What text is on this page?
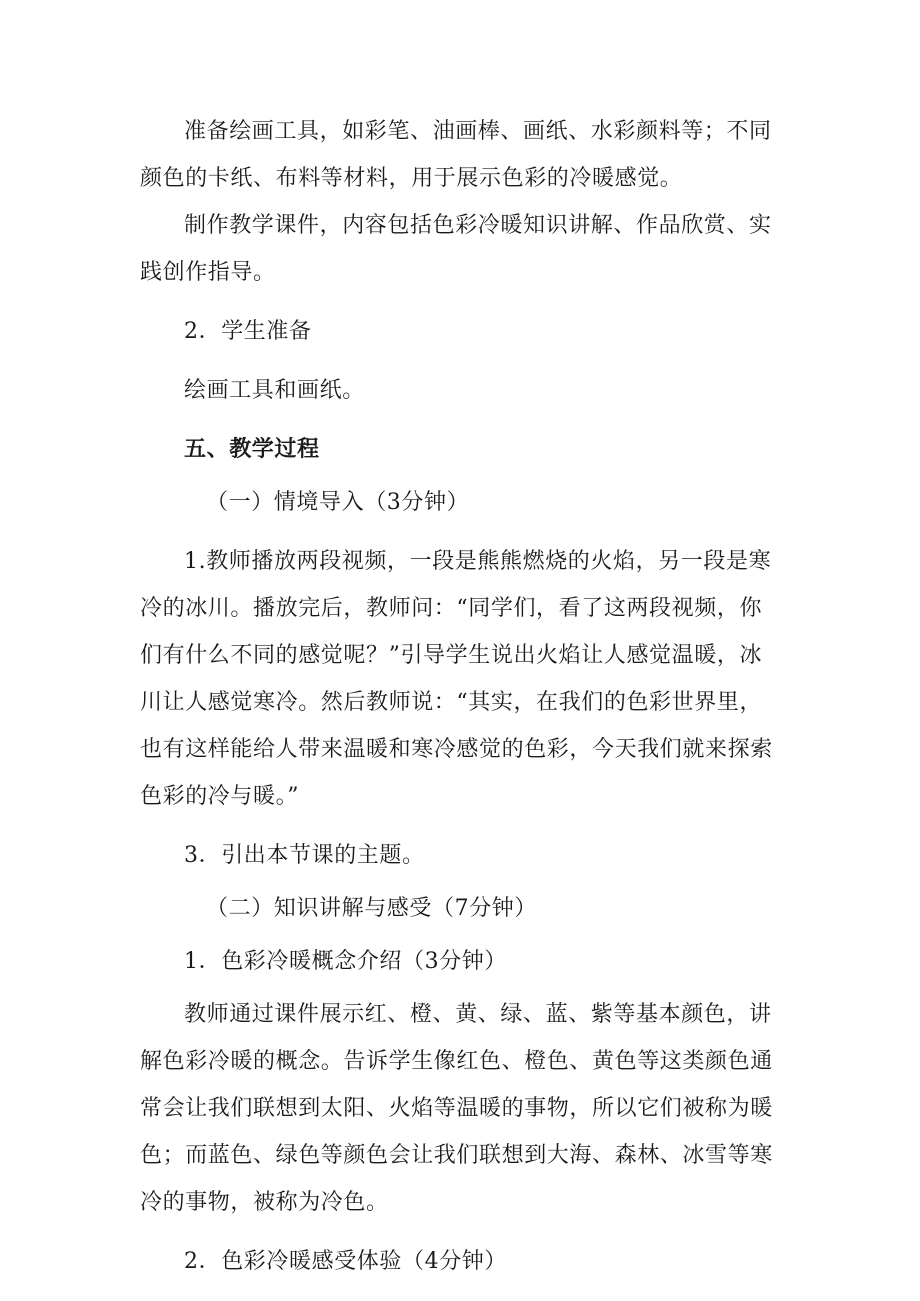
准备绘画工具，如彩笔、油画棒、画纸、水彩颜料等；不同
颜色的卡纸、布料等材料，用于展示色彩的冷暖感觉。
制作教学课件，内容包括色彩冷暖知识讲解、作品欣赏、实
践创作指导。
2．学生准备
绘画工具和画纸。
五、教学过程
（一）情境导入（3分钟）
1.教师播放两段视频，一段是熊熊燃烧的火焰，另一段是寒
冷的冰川。播放完后，教师问：“同学们，看了这两段视频，你
们有什么不同的感觉呢？”引导学生说出火焰让人感觉温暖，冰
川让人感觉寒冷。然后教师说：“其实，在我们的色彩世界里，
也有这样能给人带来温暖和寒冷感觉的色彩，今天我们就来探索
色彩的冷与暖。”
3．引出本节课的主题。
（二）知识讲解与感受（7分钟）
1．色彩冷暖概念介绍（3分钟）
教师通过课件展示红、橙、黄、绿、蓝、紫等基本颜色，讲
解色彩冷暖的概念。告诉学生像红色、橙色、黄色等这类颜色通
常会让我们联想到太阳、火焰等温暖的事物，所以它们被称为暖
色；而蓝色、绿色等颜色会让我们联想到大海、森林、冰雪等寒
冷的事物，被称为冷色。
2．色彩冷暖感受体验（4分钟）
